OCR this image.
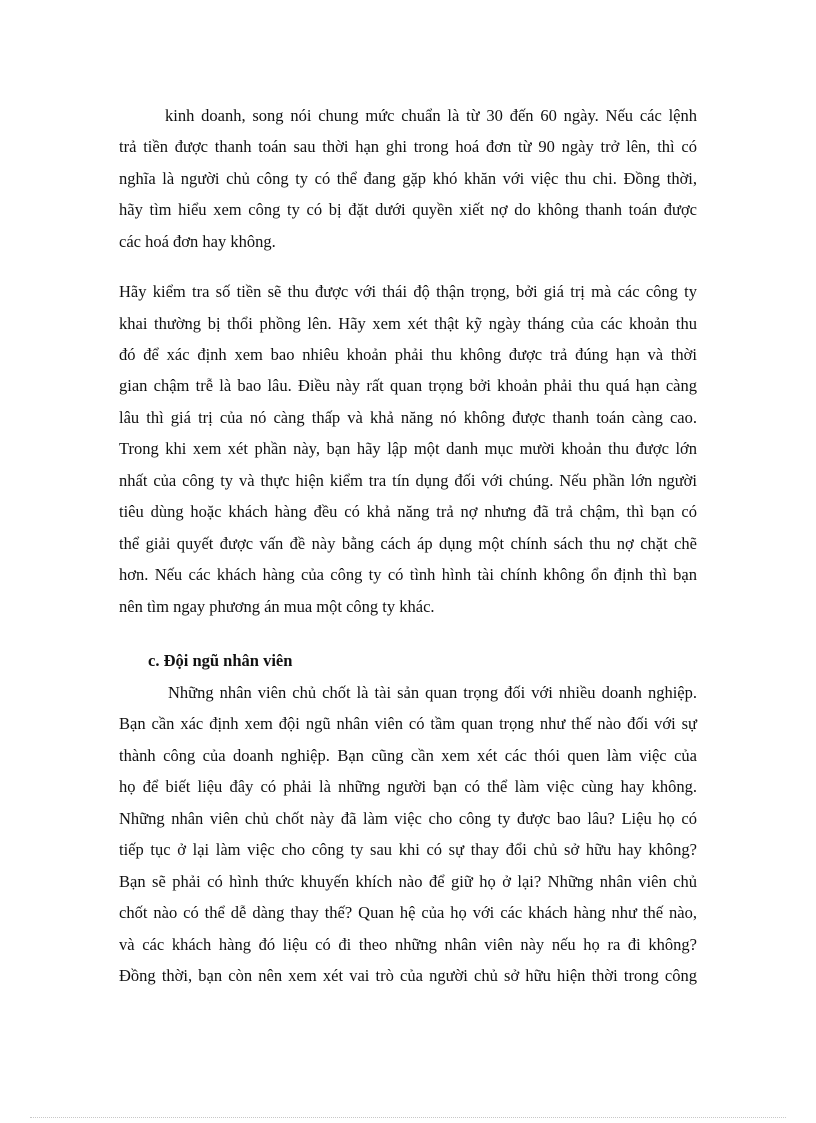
kinh doanh, song nói chung mức chuẩn là từ 30 đến 60 ngày. Nếu các lệnh
trả tiền được thanh toán sau thời hạn ghi trong hoá đơn từ 90 ngày trở lên, thì có
nghĩa là người chủ công ty có thể đang gặp khó khăn với việc thu chi. Đồng thời,
hãy tìm hiểu xem công ty có bị đặt dưới quyền xiết nợ do không thanh toán được
các hoá đơn hay không.
Hãy kiểm tra số tiền sẽ thu được với thái độ thận trọng, bởi giá trị mà các công ty
khai thường bị thổi phồng lên. Hãy xem xét thật kỹ ngày tháng của các khoản thu
đó để xác định xem bao nhiêu khoản phải thu không được trả đúng hạn và thời
gian chậm trễ là bao lâu. Điều này rất quan trọng bởi khoản phải thu quá hạn càng
lâu thì giá trị của nó càng thấp và khả năng nó không được thanh toán càng cao.
Trong khi xem xét phần này, bạn hãy lập một danh mục mười khoản thu được lớn
nhất của công ty và thực hiện kiểm tra tín dụng đối với chúng. Nếu phần lớn người
tiêu dùng hoặc khách hàng đều có khả năng trả nợ nhưng đã trả chậm, thì bạn có
thể giải quyết được vấn đề này bằng cách áp dụng một chính sách thu nợ chặt chẽ
hơn. Nếu các khách hàng của công ty có tình hình tài chính không ổn định thì bạn
nên tìm ngay phương án mua một công ty khác.
c. Đội ngũ nhân viên
Những nhân viên chủ chốt là tài sản quan trọng đối với nhiều doanh nghiệp.
Bạn cần xác định xem đội ngũ nhân viên có tầm quan trọng như thế nào đối với sự
thành công của doanh nghiệp. Bạn cũng cần xem xét các thói quen làm việc của
họ để biết liệu đây có phải là những người bạn có thể làm việc cùng hay không.
Những nhân viên chủ chốt này đã làm việc cho công ty được bao lâu? Liệu họ có
tiếp tục ở lại làm việc cho công ty sau khi có sự thay đổi chủ sở hữu hay không?
Bạn sẽ phải có hình thức khuyến khích nào để giữ họ ở lại? Những nhân viên chủ
chốt nào có thể dễ dàng thay thế? Quan hệ của họ với các khách hàng như thế nào,
và các khách hàng đó liệu có đi theo những nhân viên này nếu họ ra đi không?
Đồng thời, bạn còn nên xem xét vai trò của người chủ sở hữu hiện thời trong công
